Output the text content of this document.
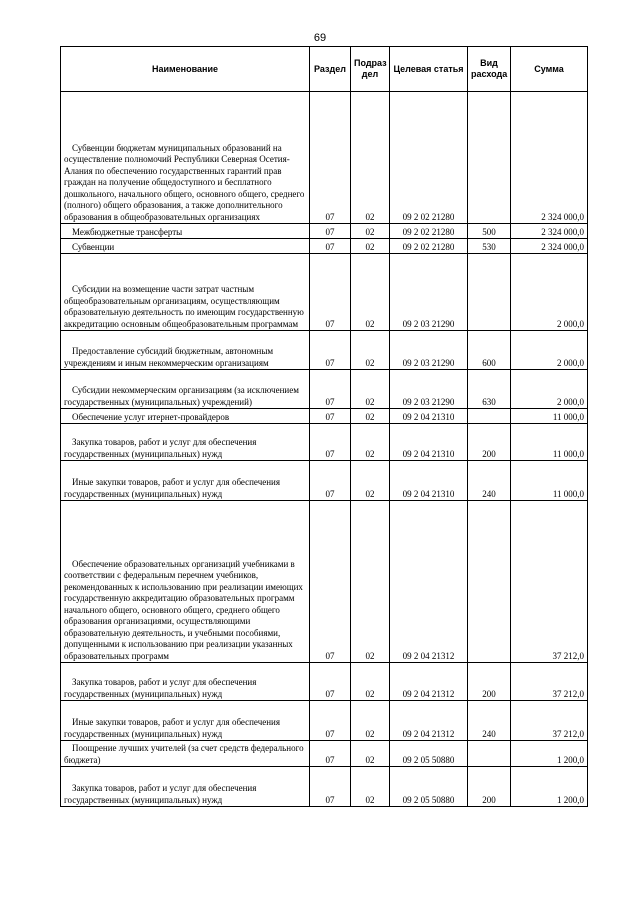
69
Наименование	Раздел	Подраз дел	Целевая статья	Вид расхода	Сумма
Субвенции бюджетам муниципальных образований на осуществление полномочий Республики Северная Осетия-Алания по обеспечению государственных гарантий прав граждан на получение общедоступного и бесплатного дошкольного, начального общего, основного общего, среднего (полного) общего образования, а также дополнительного образования в общеобразовательных организациях	07	02	09 2 02 21280		2 324 000,0
Межбюджетные трансферты	07	02	09 2 02 21280	500	2 324 000,0
Субвенции	07	02	09 2 02 21280	530	2 324 000,0
Субсидии на возмещение части затрат частным общеобразовательным организациям, осуществляющим образовательную деятельность по имеющим государственную аккредитацию основным общеобразовательным программам	07	02	09 2 03 21290		2 000,0
Предоставление субсидий бюджетным, автономным учреждениям и иным некоммерческим организациям	07	02	09 2 03 21290	600	2 000,0
Субсидии некоммерческим организациям (за исключением государственных (муниципальных) учреждений)	07	02	09 2 03 21290	630	2 000,0
Обеспечение услуг итернет-провайдеров	07	02	09 2 04 21310		11 000,0
Закупка товаров, работ и услуг для обеспечения государственных (муниципальных) нужд	07	02	09 2 04 21310	200	11 000,0
Иные закупки товаров, работ и услуг для обеспечения государственных (муниципальных) нужд	07	02	09 2 04 21310	240	11 000,0
Обеспечение образовательных организаций учебниками в соответствии с федеральным перечнем учебников, рекомендованных к использованию при реализации имеющих государственную аккредитацию образовательных программ начального общего, основного общего, среднего общего образования организациями, осуществляющими образовательную деятельность, и учебными пособиями, допущенными к использованию при реализации указанных образовательных программ	07	02	09 2 04 21312		37 212,0
Закупка товаров, работ и услуг для обеспечения государственных (муниципальных) нужд	07	02	09 2 04 21312	200	37 212,0
Иные закупки товаров, работ и услуг для обеспечения государственных (муниципальных) нужд	07	02	09 2 04 21312	240	37 212,0
Поощрение лучших учителей (за счет средств федерального бюджета)	07	02	09 2 05 50880		1 200,0
Закупка товаров, работ и услуг для обеспечения государственных (муниципальных) нужд	07	02	09 2 05 50880	200	1 200,0
